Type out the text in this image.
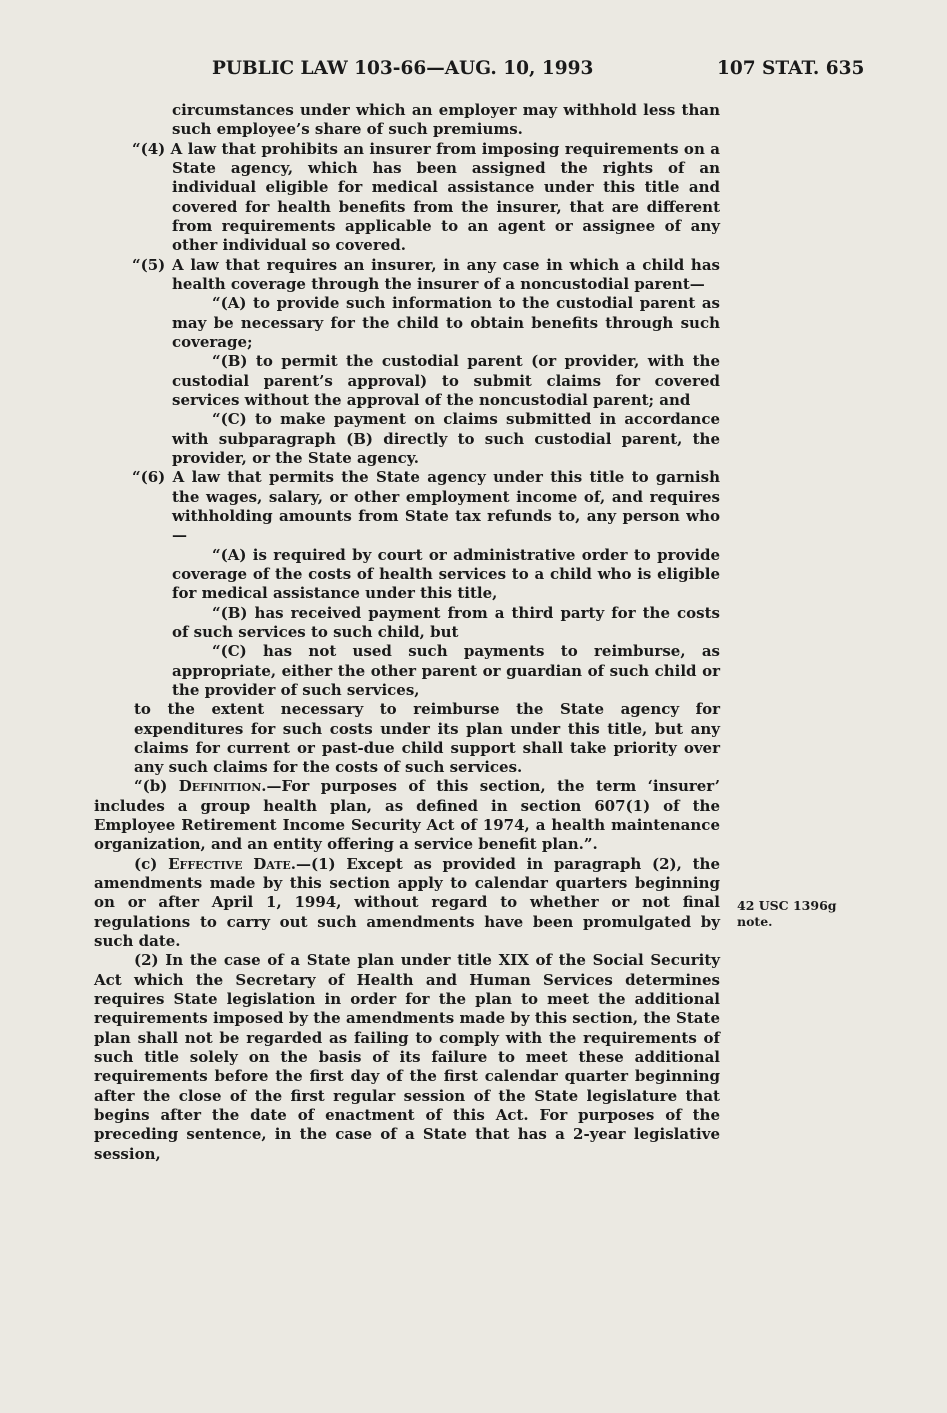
PUBLIC LAW 103-66—AUG. 10, 1993	107 STAT. 635

circumstances under which an employer may withhold less than such employee’s share of such premiums.

“(4) A law that prohibits an insurer from imposing requirements on a State agency, which has been assigned the rights of an individual eligible for medical assistance under this title and covered for health benefits from the insurer, that are different from requirements applicable to an agent or assignee of any other individual so covered.

“(5) A law that requires an insurer, in any case in which a child has health coverage through the insurer of a noncustodial parent—

“(A) to provide such information to the custodial parent as may be necessary for the child to obtain benefits through such coverage;

“(B) to permit the custodial parent (or provider, with the custodial parent’s approval) to submit claims for covered services without the approval of the noncustodial parent; and

“(C) to make payment on claims submitted in accordance with subparagraph (B) directly to such custodial parent, the provider, or the State agency.

“(6) A law that permits the State agency under this title to garnish the wages, salary, or other employment income of, and requires withholding amounts from State tax refunds to, any person who—

“(A) is required by court or administrative order to provide coverage of the costs of health services to a child who is eligible for medical assistance under this title,

“(B) has received payment from a third party for the costs of such services to such child, but

“(C) has not used such payments to reimburse, as appropriate, either the other parent or guardian of such child or the provider of such services,

to the extent necessary to reimburse the State agency for expenditures for such costs under its plan under this title, but any claims for current or past-due child support shall take priority over any such claims for the costs of such services.

“(b) Definition.—For purposes of this section, the term ‘insurer’ includes a group health plan, as defined in section 607(1) of the Employee Retirement Income Security Act of 1974, a health maintenance organization, and an entity offering a service benefit plan.”.

(c) Effective Date.—(1) Except as provided in paragraph (2), the amendments made by this section apply to calendar quarters beginning on or after April 1, 1994, without regard to whether or not final regulations to carry out such amendments have been promulgated by such date.

(2) In the case of a State plan under title XIX of the Social Security Act which the Secretary of Health and Human Services determines requires State legislation in order for the plan to meet the additional requirements imposed by the amendments made by this section, the State plan shall not be regarded as failing to comply with the requirements of such title solely on the basis of its failure to meet these additional requirements before the first day of the first calendar quarter beginning after the close of the first regular session of the State legislature that begins after the date of enactment of this Act. For purposes of the preceding sentence, in the case of a State that has a 2-year legislative session,

42 USC 1396g
note.
